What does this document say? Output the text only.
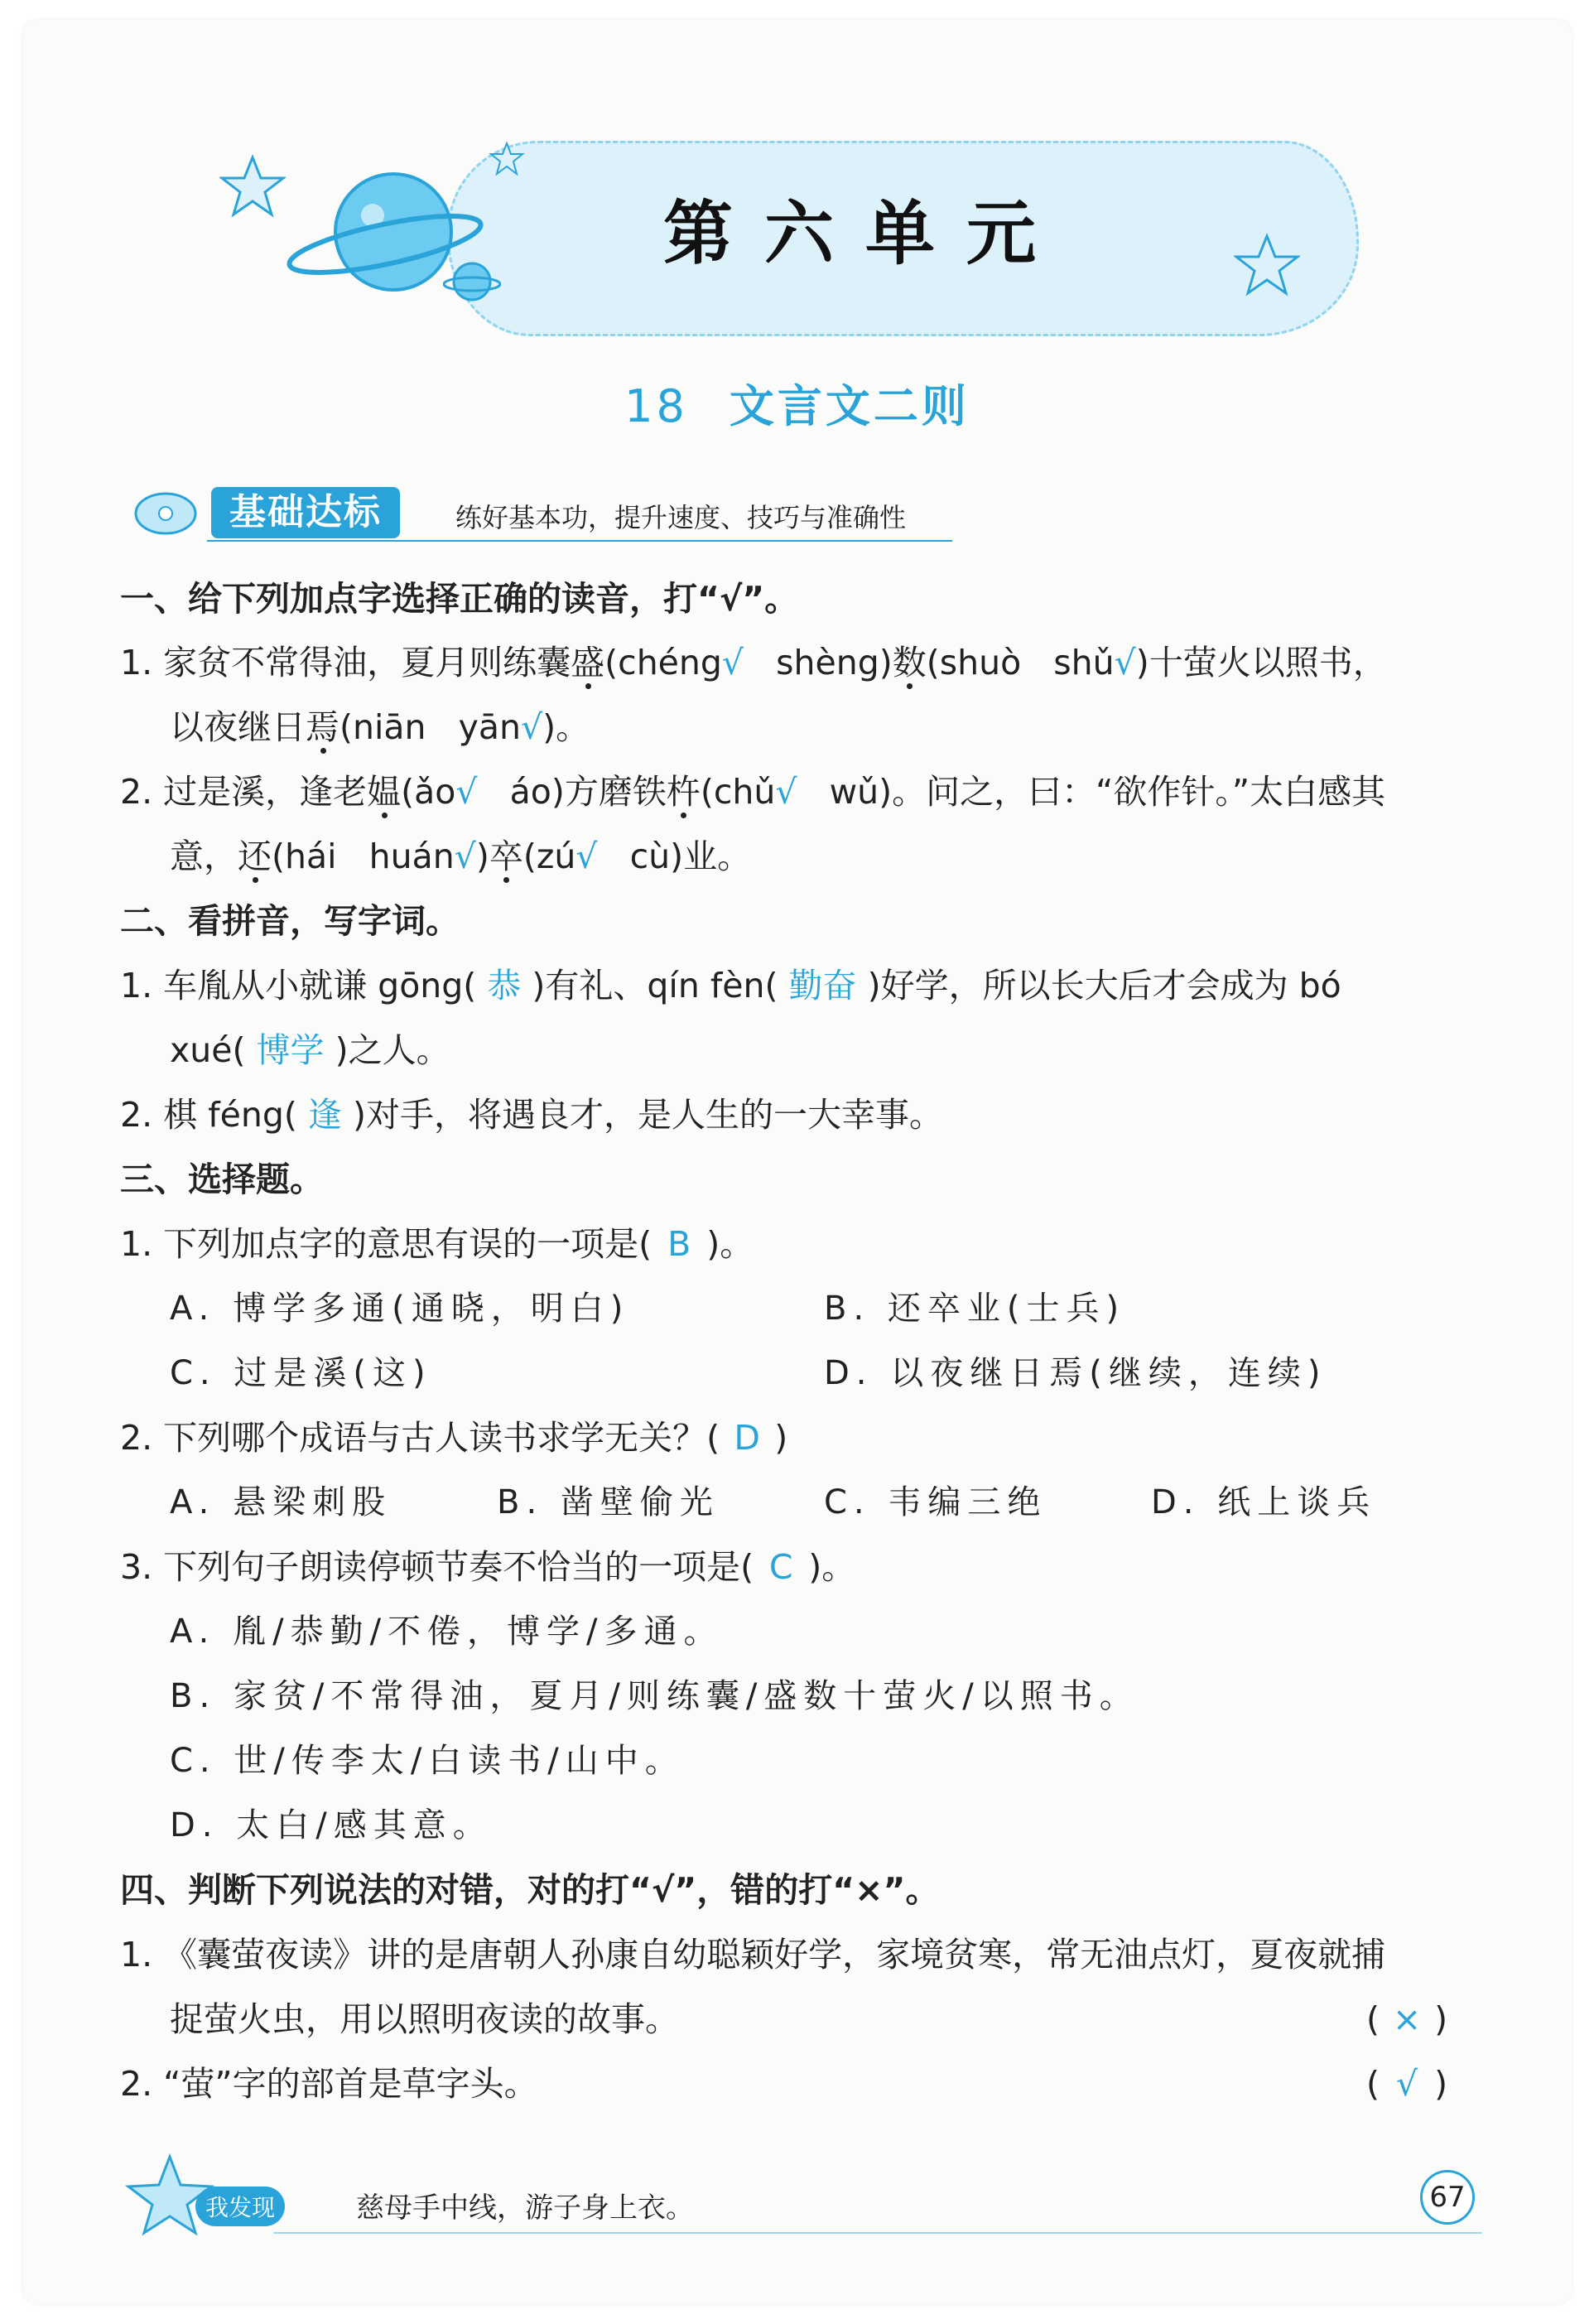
第六单元
18 文言文二则
基础达标	练好基本功，提升速度、技巧与准确性
一、给下列加点字选择正确的读音，打“√”。
1. 家贫不常得油，夏月则练囊盛(chéng√ shèng)数(shuò shǔ√)十萤火以照书，
以夜继日焉(niān yān√)。
2. 过是溪，逢老媪(ǎo√ áo)方磨铁杵(chǔ√ wǔ)。问之，曰：“欲作针。”太白感其
意，还(hái huán√)卒(zú√ cù)业。
二、看拼音，写字词。
1. 车胤从小就谦 gōng( 恭 )有礼、qín fèn( 勤奋 )好学，所以长大后才会成为 bó
xué( 博学 )之人。
2. 棋 féng( 逢 )对手，将遇良才，是人生的一大幸事。
三、选择题。
1. 下列加点字的意思有误的一项是( B )。
A. 博学多通(通晓，明白)	B. 还卒业(士兵)
C. 过是溪(这)	D. 以夜继日焉(继续，连续)
2. 下列哪个成语与古人读书求学无关？( D )
A. 悬梁刺股	B. 凿壁偷光	C. 韦编三绝	D. 纸上谈兵
3. 下列句子朗读停顿节奏不恰当的一项是( C )。
A. 胤/恭勤/不倦，博学/多通。
B. 家贫/不常得油，夏月/则练囊/盛数十萤火/以照书。
C. 世/传李太/白读书/山中。
D. 太白/感其意。
四、判断下列说法的对错，对的打“√”，错的打“×”。
1. 《囊萤夜读》讲的是唐朝人孙康自幼聪颖好学，家境贫寒，常无油点灯，夏夜就捕
捉萤火虫，用以照明夜读的故事。	( × )
2. “萤”字的部首是草字头。	( √ )
我发现	慈母手中线，游子身上衣。	67
